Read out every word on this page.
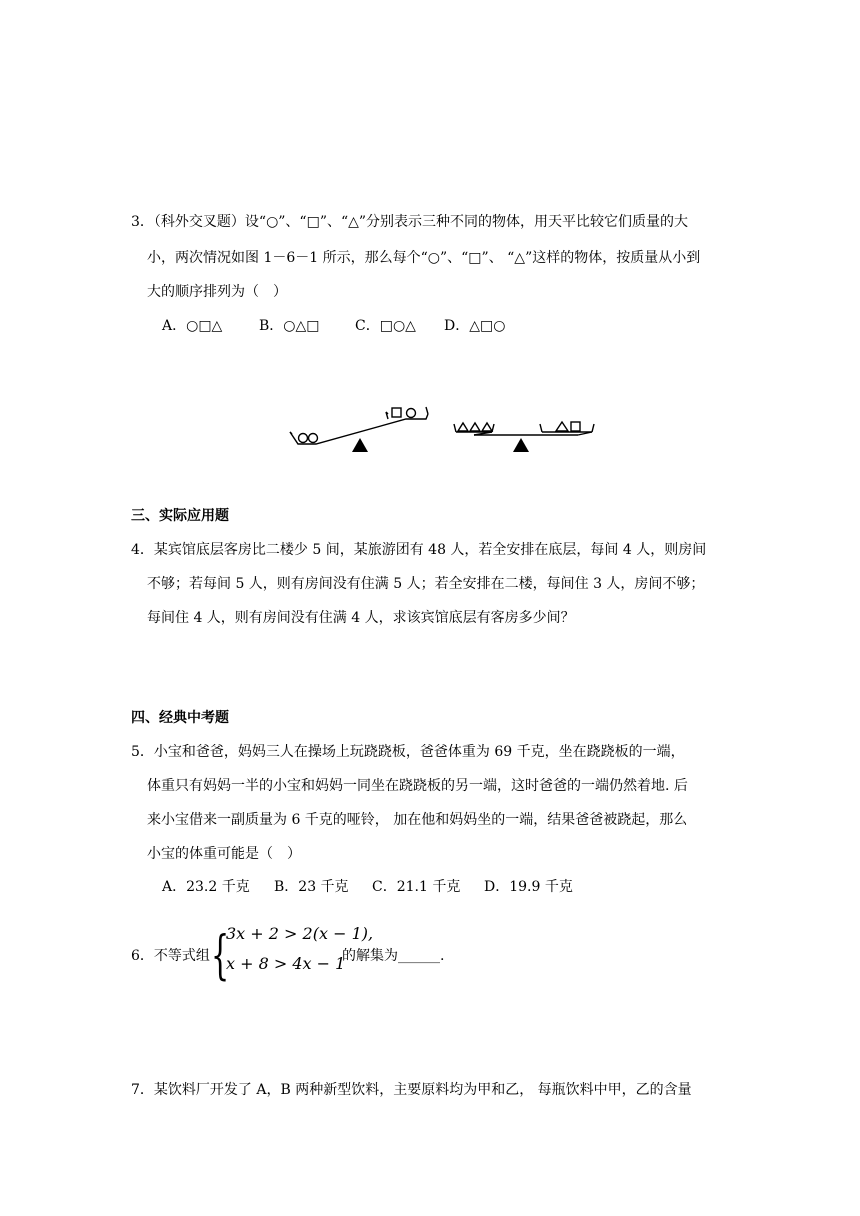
3．（科外交叉题）设“○”、“□”、“△”分别表示三种不同的物体，用天平比较它们质量的大
小，两次情况如图 1－6－1 所示，那么每个“○”、“□”、 “△”这样的物体，按质量从小到
大的顺序排列为（　）
A．○□△	B．○△□	C．□○△ D．△□○
三、实际应用题
4．某宾馆底层客房比二楼少 5 间，某旅游团有 48 人，若全安排在底层，每间 4 人，则房间
不够；若每间 5 人，则有房间没有住满 5 人；若全安排在二楼，每间住 3 人，房间不够；
每间住 4 人，则有房间没有住满 4 人，求该宾馆底层有客房多少间？
四、经典中考题
5．小宝和爸爸，妈妈三人在操场上玩跷跷板，爸爸体重为 69 千克，坐在跷跷板的一端，
体重只有妈妈一半的小宝和妈妈一同坐在跷跷板的另一端，这时爸爸的一端仍然着地. 后
来小宝借来一副质量为 6 千克的哑铃， 加在他和妈妈坐的一端，结果爸爸被跷起，那么
小宝的体重可能是（　）
A．23.2 千克 B．23 千克 C．21.1 千克 D．19.9 千克
6．不等式组 {
3x + 2 > 2(x − 1),
x + 8 > 4x − 1
的解集为______.
7．某饮料厂开发了 A，B 两种新型饮料，主要原料均为甲和乙， 每瓶饮料中甲，乙的含量
